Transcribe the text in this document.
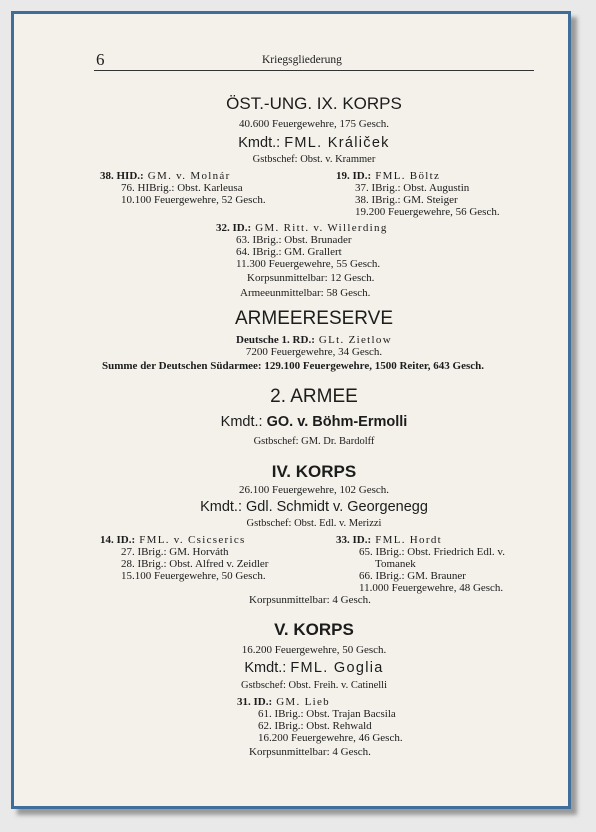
6	Kriegsgliederung
ÖST.-UNG. IX. KORPS
40.600 Feuergewehre, 175 Gesch.
Kmdt.: FML. Králiček
Gstbschef: Obst. v. Krammer
38. HID.: GM. v. Molnár
76. HIBrig.: Obst. Karleusa
10.100 Feuergewehre, 52 Gesch.
19. ID.: FML. Böltz
37. IBrig.: Obst. Augustin
38. IBrig.: GM. Steiger
19.200 Feuergewehre, 56 Gesch.
32. ID.: GM. Ritt. v. Willerding
63. IBrig.: Obst. Brunader
64. IBrig.: GM. Grallert
11.300 Feuergewehre, 55 Gesch.
Korpsunmittelbar: 12 Gesch.
Armeeunmittelbar: 58 Gesch.
ARMEERESERVE
Deutsche 1. RD.: GLt. Zietlow
7200 Feuergewehre, 34 Gesch.
Summe der Deutschen Südarmee: 129.100 Feuergewehre, 1500 Reiter, 643 Gesch.
2. ARMEE
Kmdt.: GO. v. Böhm-Ermolli
Gstbschef: GM. Dr. Bardolff
IV. KORPS
26.100 Feuergewehre, 102 Gesch.
Kmdt.: Gdl. Schmidt v. Georgenegg
Gstbschef: Obst. Edl. v. Merizzi
14. ID.: FML. v. Csicserics
27. IBrig.: GM. Horváth
28. IBrig.: Obst. Alfred v. Zeidler
15.100 Feuergewehre, 50 Gesch.
33. ID.: FML. Hordt
65. IBrig.: Obst. Friedrich Edl. v.
Tomanek
66. IBrig.: GM. Brauner
11.000 Feuergewehre, 48 Gesch.
Korpsunmittelbar: 4 Gesch.
V. KORPS
16.200 Feuergewehre, 50 Gesch.
Kmdt.: FML. Goglia
Gstbschef: Obst. Freih. v. Catinelli
31. ID.: GM. Lieb
61. IBrig.: Obst. Trajan Bacsila
62. IBrig.: Obst. Rehwald
16.200 Feuergewehre, 46 Gesch.
Korpsunmittelbar: 4 Gesch.
